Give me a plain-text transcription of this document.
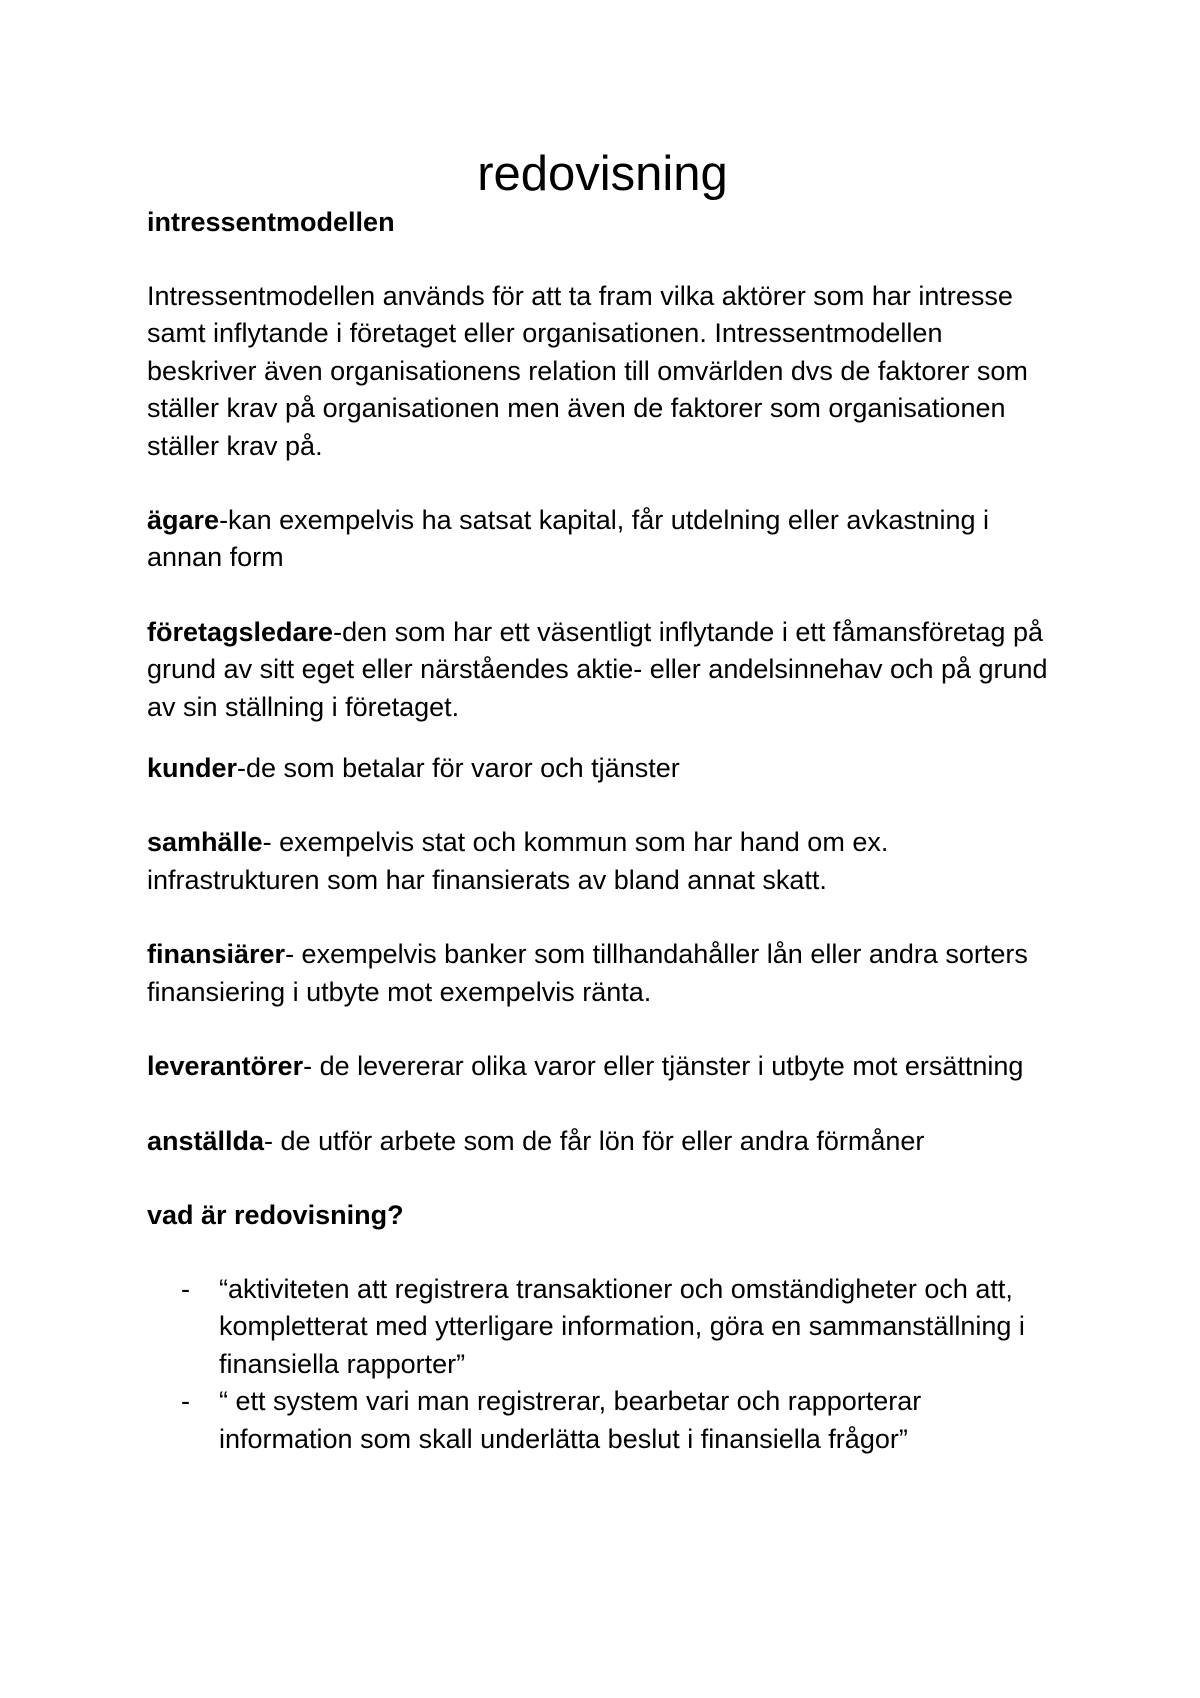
redovisning
intressentmodellen

Intressentmodellen används för att ta fram vilka aktörer som har intresse samt inflytande i företaget eller organisationen. Intressentmodellen beskriver även organisationens relation till omvärlden dvs de faktorer som ställer krav på organisationen men även de faktorer som organisationen ställer krav på.

ägare-kan exempelvis ha satsat kapital, får utdelning eller avkastning i annan form

företagsledare-den som har ett väsentligt inflytande i ett fåmansföretag på grund av sitt eget eller närståendes aktie- eller andelsinnehav och på grund av sin ställning i företaget.

kunder-de som betalar för varor och tjänster

samhälle- exempelvis stat och kommun som har hand om ex. infrastrukturen som har finansierats av bland annat skatt.

finansiärer- exempelvis banker som tillhandahåller lån eller andra sorters finansiering i utbyte mot exempelvis ränta.

leverantörer- de levererar olika varor eller tjänster i utbyte mot ersättning

anställda- de utför arbete som de får lön för eller andra förmåner

vad är redovisning?
- “aktiviteten att registrera transaktioner och omständigheter och att, kompletterat med ytterligare information, göra en sammanställning i finansiella rapporter”
- “ ett system vari man registrerar, bearbetar och rapporterar information som skall underlätta beslut i finansiella frågor”
